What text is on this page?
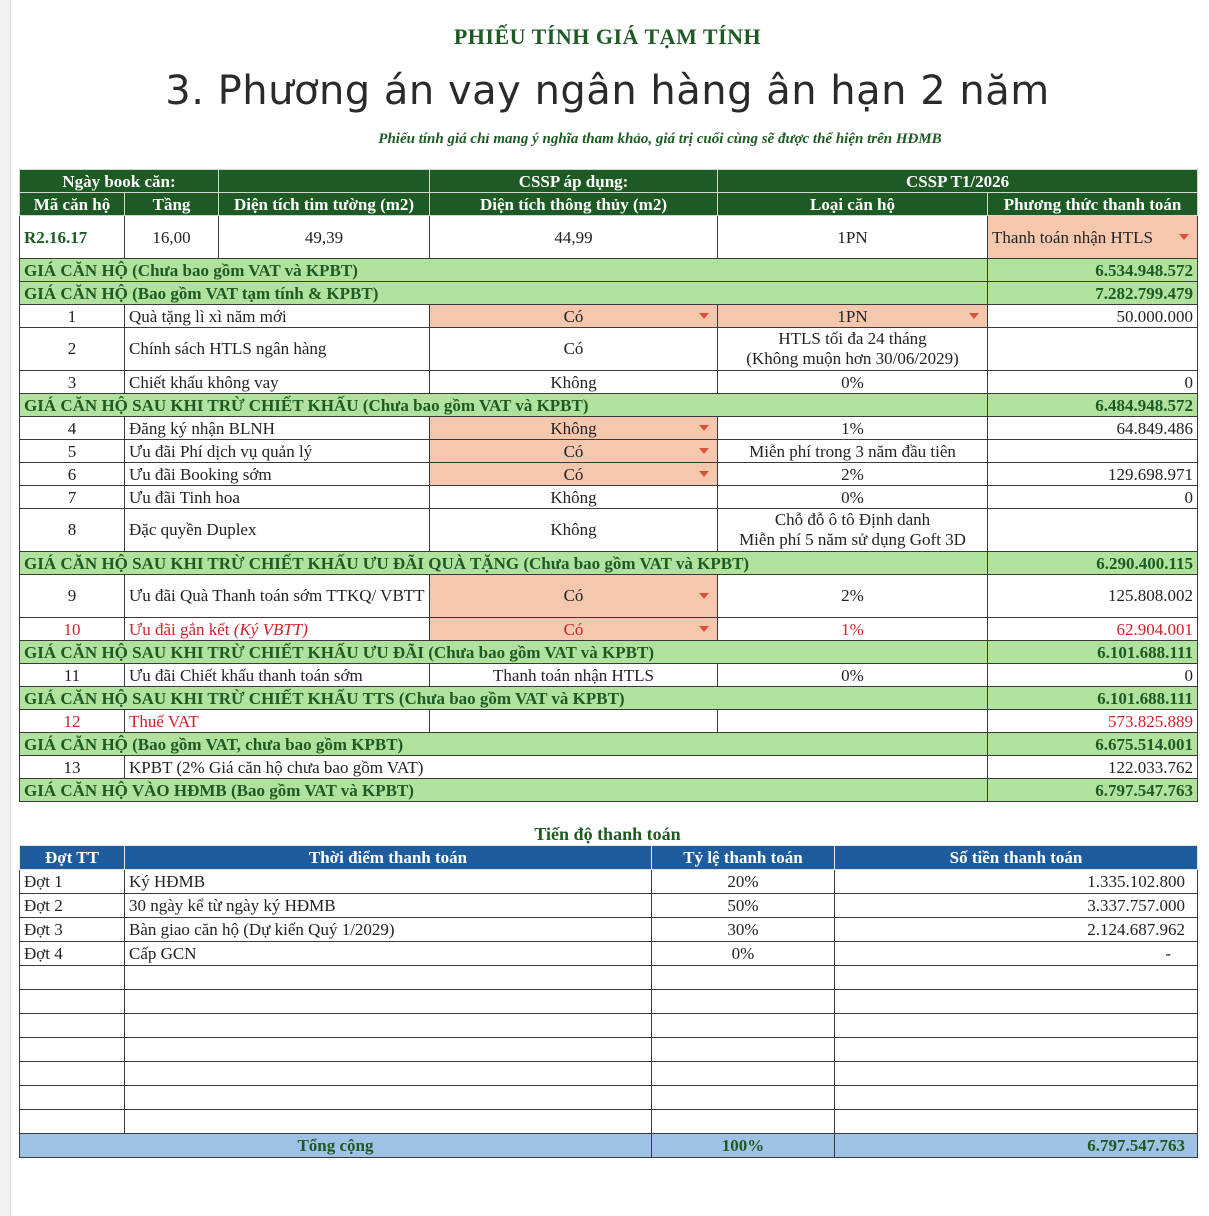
PHIẾU TÍNH GIÁ TẠM TÍNH
3. Phương án vay ngân hàng ân hạn 2 năm
Phiếu tính giá chỉ mang ý nghĩa tham khảo, giá trị cuối cùng sẽ được thể hiện trên HĐMB
Ngày book căn:			CSSP áp dụng:	CSSP T1/2026	
Mã căn hộ	Tầng	Diện tích tim tường (m2)	Diện tích thông thủy (m2)	Loại căn hộ	Phương thức thanh toán
R2.16.17	16,00	49,39	44,99	1PN	Thanh toán nhận HTLS

GIÁ CĂN HỘ (Chưa bao gồm VAT và KPBT)					6.534.948.572
GIÁ CĂN HỘ (Bao gồm VAT tạm tính & KPBT)					7.282.799.479
1	Quà tặng lì xì năm mới		Có	1PN	50.000.000
2	Chính sách HTLS ngân hàng		Có	HTLS tối đa 24 tháng
(Không muộn hơn 30/06/2029)	

3	Chiết khấu không vay		Không	0%	0
GIÁ CĂN HỘ SAU KHI TRỪ CHIẾT KHẤU (Chưa bao gồm VAT và KPBT)					6.484.948.572
4	Đăng ký nhận BLNH		Không	1%	64.849.486
5	Ưu đãi Phí dịch vụ quản lý		Có	Miễn phí trong 3 năm đầu tiên	
6	Ưu đãi Booking sớm		Có	2%	129.698.971
7	Ưu đãi Tinh hoa		Không	0%	0
8	Đặc quyền Duplex		Không	Chỗ đỗ ô tô Định danh
Miễn phí 5 năm sử dụng Goft 3D	

GIÁ CĂN HỘ SAU KHI TRỪ CHIẾT KHẤU ƯU ĐÃI QUÀ TẶNG (Chưa bao gồm VAT và KPBT)					6.290.400.115
9	Ưu đãi Quà Thanh toán sớm TTKQ/ VBTT		Có	2%	125.808.002
10	Ưu đãi gắn kết (Ký VBTT)		Có	1%	62.904.001
GIÁ CĂN HỘ SAU KHI TRỪ CHIẾT KHẤU ƯU ĐÃI (Chưa bao gồm VAT và KPBT)					6.101.688.111
11	Ưu đãi Chiết khấu thanh toán sớm		Thanh toán nhận HTLS	0%	0
GIÁ CĂN HỘ SAU KHI TRỪ CHIẾT KHẤU TTS (Chưa bao gồm VAT và KPBT)					6.101.688.111
12	Thuế VAT				573.825.889
GIÁ CĂN HỘ (Bao gồm VAT, chưa bao gồm KPBT)					6.675.514.001
13	KPBT (2% Giá căn hộ chưa bao gồm VAT)				122.033.762
GIÁ CĂN HỘ VÀO HĐMB (Bao gồm VAT và KPBT)					6.797.547.763
Tiến độ thanh toán
Đợt TT	Thời điểm thanh toán	Tỷ lệ thanh toán	Số tiền thanh toán
Đợt 1	Ký HĐMB	20%	1.335.102.800
Đợt 2	30 ngày kể từ ngày ký HĐMB	50%	3.337.757.000
Đợt 3	Bàn giao căn hộ (Dự kiến Quý 1/2029)	30%	2.124.687.962
Đợt 4	Cấp GCN	0%	-

Tổng cộng		100%	6.797.547.763
